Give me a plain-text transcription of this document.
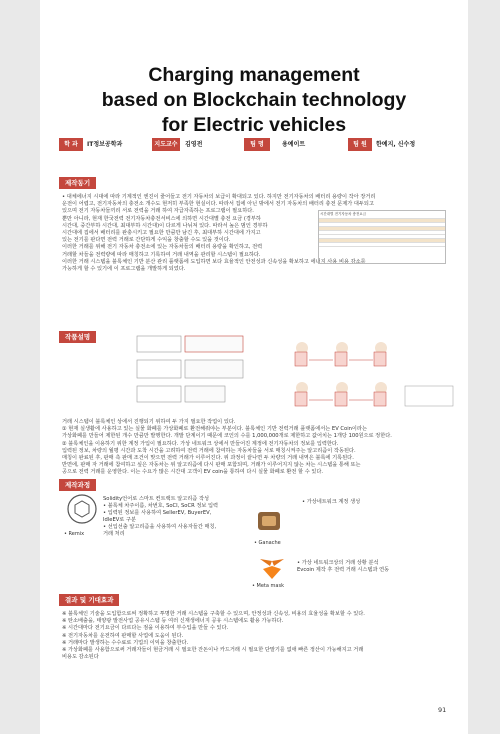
Charging management
based on Blockchain technology
for Electric vehicles
학 과	IT정보공학과	지도교수	김영전	팀 명	용예이트	팀 원	한예지, 신수정
제작동기

• 대체에너지 시대에 따라 기계적인 엔진이 줄어들고 전기 자동차의 보급이 확대되고 있다. 하지만 전기자동차의 배터리 용량이 작아 장거리

운전이 어렵고, 전기자동차의 충전소 개수도 현저히 부족한 현실이다. 따라서 집에 아닌 밖에서 전기 자동차의 배터리 충전 문제가 대두되고

있으며 전기 자동차들끼리 서로 전력을 거래 하여 자급자족하는 프로그램이 필요하다.

뿐만 아니라, 현재 한국전력 전기자동차충전서비스에 의하면 시간대별 충전 요금 (경부하

시간대, 중간부하 시간대, 최대부하 시간대)이 다르게 나뉘져 있다. 따라서 높은 범인 경부하

시간대에 집에서 배터리를 완충시키고 필요한 만큼만 남긴 후, 최대부하 시간대에 가지고

있는 전기를 판다면 전력 거래로 간단하게 수익을 창출할 수도 있을 것이다.

이러한 거래를 위해 전기 자동차 충전소에 있는 자동차들의 배터리 용량을 확인하고, 전력

거래할 차들을 전력량에 따라 매칭하고 기록하여 거래 내역을 관리할 시스템이 필요하다.

이러한 거래 시스템을 블록체인 기반 분산 관리 플랫폼에 도입하면 보다 효율적인 안전성과 신속성을 확보하고 에너지 사용 비용 감소를

가능하게 할 수 있기에 이 프로그램을 개발하게 되었다.

시간대별 전기자동차 충전요금
작품설명

거래 시스템이 블록체인 상에서 진행되기 위하여 두 가지 필요한 작업이 있다.

① 현재 실생활에 사용하고 있는 실물 화폐를 가상화폐로 환전해줘야는 부분이다. 블록체인 기반 전력거래 플랫폼에서는 EV Coin이라는

가상화폐를 만들어 제한된 개수 만큼만 발행한다. 개발 단계이기 때문에 코인의 수를 1,000,000개로 제한하고 값어치는 1개당 100원으로 정한다.

② 블록체인을 이용하기 위한 계정 가입이 필요하다. 가상 네트워크 상에서 만들어진 계정에 전기자동차의 정보를 입력한다.

입력된 정보, 차량의 월평 시간과 도착 시간을 고려하여 전력 거래에 참여하는 자동차들을 서로 매칭시켜주는 알고리즘이 작동된다.

매칭이 완료된 후, 판매 측 판매 조건이 맞으면 전력 거래가 이루어진다. 위 과정이 끝나면 두 차량의 거래 내역은 블록에 기록된다.

반면에, 판매 자 거래에 참여하고 싶은 자동차는 위 알고리즘에 다시 판매 포함되며, 거래가 이루어지지 않는 차는 시스템을 통해 또는

공으로 전력 거래를 운영한다. 이는 수요가 많은 시간대 고객이 EV coin을 통하여 다시 실물 화폐로 환전 할 수 있다.

제작과정
• Remix

Solidity언어로 스마트 컨트랙트 알고리즘 작성

• 블록체 차주이름, 차번호, SoCI, SoCR 정보 입력

• 입력된 정보를 사용하여 SellerEV, BuyerEV,

IdleEV로 구분

• 선입선출 알고리즘을 사용하여 사용자들간 매칭,

거래 처리

• Ganache
• 가상네트워크 계정 생성
• Meta mask

• 가상 네트워크상의 거래 상황 분석

Evcoin 제작 후 전력 거래 시스템과 연동

결과 및 기대효과

※ 블록체인 기술을 도입함으로써 정확하고 투명한 거래 시스템을 구축할 수 있으며, 안정성과 신속성, 비용의 효율성을 확보할 수 있다.

※ 탄소배출을, 태양광 발전사업 공유시스템 등 여러 신재생에너지 공유 시스템에도 활용 가능하다.

※ 시간대마다 전기요금이 다르다는 점을 이용하여 부수입을 만들 수 있다.

※ 전기자동차를 운전하여 판매할 사업에 도움이 된다.

※ 거래마다 발생하는 수수료로 기업의 이익을 창출한다.

※ 가상화폐를 사용함으로써 거래자들이 현금거래 시 필요한 잔돈이나 카드거래 시 필요한 단말기를 없애 빠른 정산이 가능해지고 거래

비용도 감소된다

91
